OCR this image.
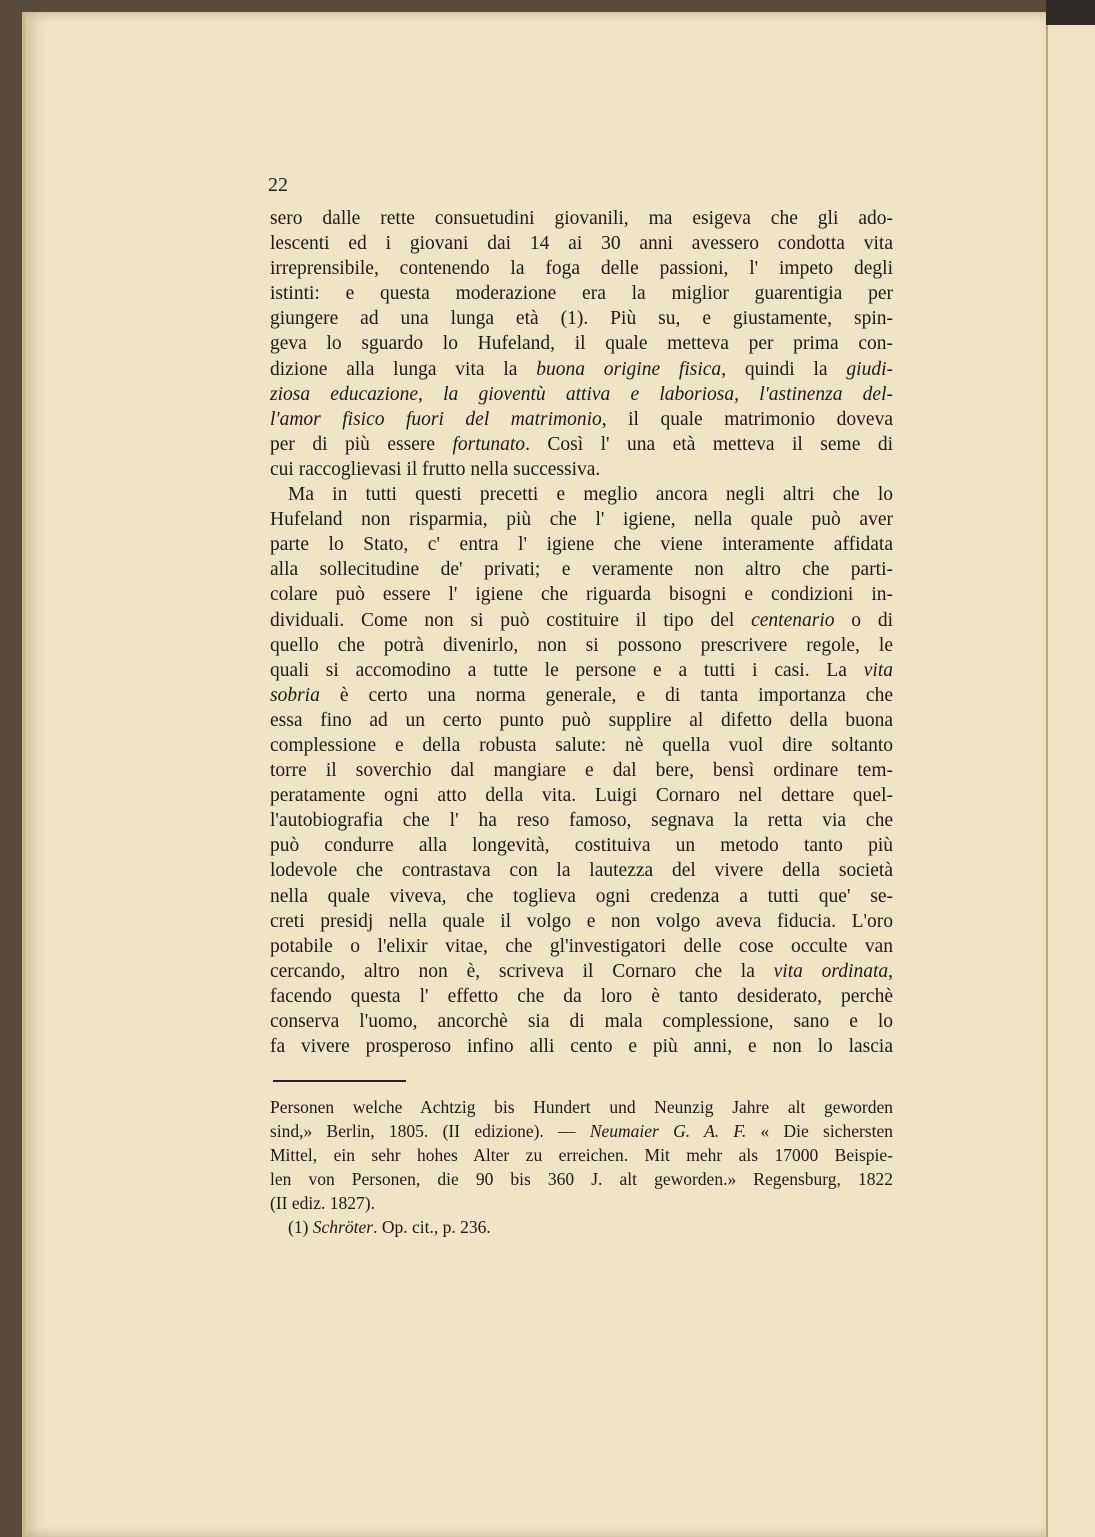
22
sero dalle rette consuetudini giovanili, ma esigeva che gli ado-
lescenti ed i giovani dai 14 ai 30 anni avessero condotta vita
irreprensibile, contenendo la foga delle passioni, l' impeto degli
istinti: e questa moderazione era la miglior guarentigia per
giungere ad una lunga età (1). Più su, e giustamente, spin-
geva lo sguardo lo Hufeland, il quale metteva per prima con-
dizione alla lunga vita la buona origine fisica, quindi la giudi-
ziosa educazione, la gioventù attiva e laboriosa, l'astinenza del-
l'amor fisico fuori del matrimonio, il quale matrimonio doveva
per di più essere fortunato. Così l' una età metteva il seme di
cui raccoglievasi il frutto nella successiva.
Ma in tutti questi precetti e meglio ancora negli altri che lo
Hufeland non risparmia, più che l' igiene, nella quale può aver
parte lo Stato, c' entra l' igiene che viene interamente affidata
alla sollecitudine de' privati; e veramente non altro che parti-
colare può essere l' igiene che riguarda bisogni e condizioni in-
dividuali. Come non si può costituire il tipo del centenario o di
quello che potrà divenirlo, non si possono prescrivere regole, le
quali si accomodino a tutte le persone e a tutti i casi. La vita
sobria è certo una norma generale, e di tanta importanza che
essa fino ad un certo punto può supplire al difetto della buona
complessione e della robusta salute: nè quella vuol dire soltanto
torre il soverchio dal mangiare e dal bere, bensì ordinare tem-
peratamente ogni atto della vita. Luigi Cornaro nel dettare quel-
l'autobiografia che l' ha reso famoso, segnava la retta via che
può condurre alla longevità, costituiva un metodo tanto più
lodevole che contrastava con la lautezza del vivere della società
nella quale viveva, che toglieva ogni credenza a tutti que' se-
creti presidj nella quale il volgo e non volgo aveva fiducia. L'oro
potabile o l'elixir vitae, che gl'investigatori delle cose occulte van
cercando, altro non è, scriveva il Cornaro che la vita ordinata,
facendo questa l' effetto che da loro è tanto desiderato, perchè
conserva l'uomo, ancorchè sia di mala complessione, sano e lo
fa vivere prosperoso infino alli cento e più anni, e non lo lascia
Personen welche Achtzig bis Hundert und Neunzig Jahre alt geworden
sind,» Berlin, 1805. (II edizione). — Neumaier G. A. F. « Die sichersten
Mittel, ein sehr hohes Alter zu erreichen. Mit mehr als 17000 Beispie-
len von Personen, die 90 bis 360 J. alt geworden.» Regensburg, 1822
(II ediz. 1827).
(1) Schröter. Op. cit., p. 236.
